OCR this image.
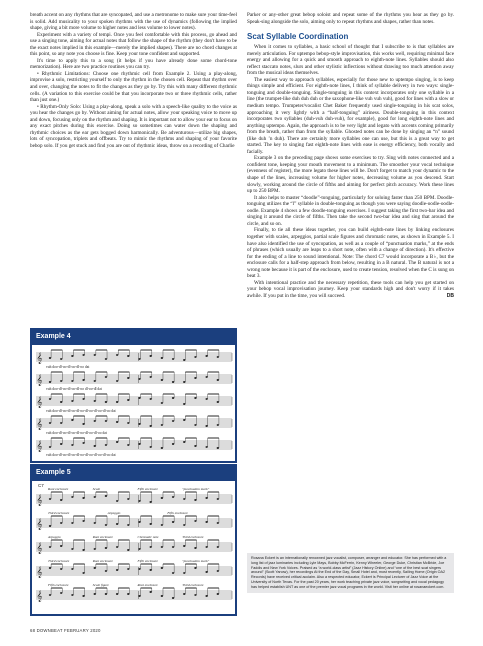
breath accent on any rhythms that are syncopated, and use a metronome to make sure your time-feel is solid. Add musicality to your spoken rhythms with the use of dynamics (following the implied shape, giving a bit more volume to higher notes and less volume to lower notes).

Experiment with a variety of tempi. Once you feel comfortable with this process, go ahead and use a singing tone, aiming for actual notes that follow the shape of the rhythm (they don't have to be the exact notes implied in this example—merely the implied shapes). There are no chord changes at this point, so any note you choose is fine. Keep your tone confident and supported.

It's time to apply this to a song (it helps if you have already done some chord-tone memorization). Here are two practice routines you can try.

• Rhythmic Limitations: Choose one rhythmic cell from Example 2. Using a play-along, improvise a solo, restricting yourself to only the rhythm in the chosen cell. Repeat that rhythm over and over, changing the notes to fit the changes as they go by. Try this with many different rhythmic cells. (A variation to this exercise could be that you incorporate two or three rhythmic cells, rather than just one.)

• Rhythm-Only Solo: Using a play-along, speak a solo with a speech-like quality to the voice as you hear the changes go by. Without aiming for actual notes, allow your speaking voice to move up and down, focusing only on the rhythm and shaping. It is important not to allow your ear to focus on any exact pitches during this exercise. Doing so sometimes can water down the shaping and rhythmic choices as the ear gets bogged down harmonically. Be adventurous—utilize big shapes, lots of syncopation, triplets and offbeats. Try to mimic the rhythms and shaping of your favorite bebop solo. If you get stuck and find you are out of rhythmic ideas, throw on a recording of Charlie

Parker or any-other great bebop soloist and repeat some of the rhythms you hear as they go by. Speak-sing alongside the solo, aiming only to repeat rhythms and shapes, rather than notes.

Scat Syllable Coordination

When it comes to syllables, a basic school of thought that I subscribe to is that syllables are merely articulation. For uptempo bebop-style improvisation, this works well, requiring minimal face energy and allowing for a quick and smooth approach to eighth-note lines. Syllables should also reflect staccato notes, slurs and other stylistic inflections without drawing too much attention away from the musical ideas themselves.

The easiest way to approach syllables, especially for those new to uptempo singing, is to keep things simple and efficient. For eighth-note lines, I think of syllable delivery in two ways: single-tonguing and double-tonguing. Single-tonguing in this context incorporates only one syllable in a line (the trumpet-like duh duh duh or the saxophone-like vuh vuh vuh), good for lines with a slow or medium tempo. Trumpeter/vocalist Chet Baker frequently used single-tonguing in his scat solos, approaching it very lightly with a “half-tonguing” airiness. Double-tonguing in this context incorporates two syllables (duh-vuh duh-vuh), for example), good for long eighth-note lines and anything uptempo. Again, the approach is to be very light and legato with accents coming primarily from the breath, rather than from the syllable. Ghosted notes can be done by singing an “n” sound (like duh ’n duh). There are certainly more syllables one can use, but this is a great way to get started. The key to singing fast eighth-note lines with ease is energy efficiency, both vocally and facially.

Example 3 on the preceding page shows some exercises to try. Sing with notes connected and a confident tone, keeping your mouth movement to a minimum. The smoother your vocal technique (evenness of register), the more legato these lines will be. Don't forget to match your dynamic to the shape of the lines, increasing volume for higher notes, decreasing volume as you descend. Start slowly, working around the circle of fifths and aiming for perfect pitch accuracy. Work these lines up to 250 BPM.

It also helps to master “doodle”-tonguing, particularly for soloing faster than 250 BPM. Doodle-tonguing utilizes the “l” syllable in double-tonguing as though you were saying doodle-oodle-oodle-oodle. Example 4 shows a few doodle-tonguing exercises. I suggest taking the first two-bar idea and singing it around the circle of fifths. Then take the second two-bar idea and sing that around the circle, and so on.

Finally, to tie all these ideas together, you can build eighth-note lines by linking enclosures together with scales, arpeggios, partial scale figures and chromatic notes, as shown in Example 5. I have also identified the use of syncopation, as well as a couple of “punctuation marks,” at the ends of phrases (which usually are leaps to a short note, often with a change of direction). It's effective for the ending of a line to sound intentional. Note: The chord C7 would incorporate a B♭, but the enclosure calls for a half-step approach from below, resulting in a B natural. The B natural is not a wrong note because it is part of the enclosure, used to create tension, resolved when the C is sung on beat 3.

With intentional practice and the necessary repetition, these tools can help you get started on your bebop vocal improvisation journey. Keep your standards high and don't worry if it takes awhile. If you put in the time, you will succeed.	DB

Example 4
𝄞
vuh doo-dl-oo-dl-oo-dl-oo dat
𝄞
vuh doo-dl-oo-dl-oo-dl-oo dl-oo-dl dat
𝄞
vuh doo-dl-oo-dl-oo-dl-oo-dl-oo-dl-oo-dl-oo dat
𝄞
vuh doo-dl-oo-dl-oo-dl-oo-dl-oo-dl-oo dat
𝄞
vuh doo-dl-oo-dl-oo-dl-oo-dl-oo-dl-oo-dl-oo dat
Example 5
C7
𝄞
Root enclosure	Scale	Fifth enclosure	"punctuation mark"
𝄞
Third enclosure	Arpeggio	Fifth enclosure
𝄞
Arpeggio	Root enclosure	Chromatic note	Third enclosure
𝄞
Third enclosure	Root enclosure	Fifth enclosure	"punctuation mark"
𝄞
Fifth enclosure	Scale figure	Root enclosure	Third enclosure

Rosana Eckert is an internationally renowned jazz vocalist, composer, arranger and educator. She has performed with a long list of jazz luminaries including Lyle Mays, Bobby McFerrin, Kenny Wheeler, George Duke, Christian McBride, Joe Faddis and New York Voices. Praised as “a world-class artist” (Jazz History Online) and “one of the best scat singers around” (Scott Yanow), her recordings At the End of the Day, Small Hotel and, most recently, Sailing Home (Origin OA2 Records) have received critical acclaim. Also a respected educator, Eckert is Principal Lecturer of Jazz Voice at the University of North Texas. For the past 20 years, her work teaching private jazz voice, songwriting and vocal pedagogy has helped establish UNT as one of the premier jazz vocal programs in the world. Visit her online at rosanaeckert.com.

68 DOWNBEAT FEBRUARY 2020
